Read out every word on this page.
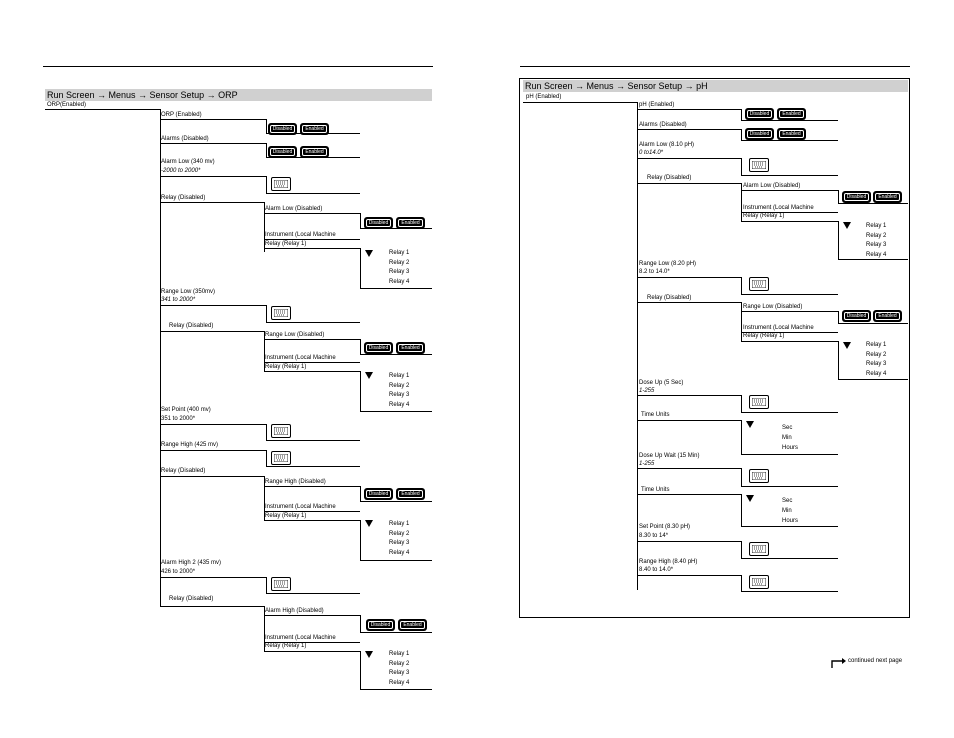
Run Screen → Menus → Sensor Setup → ORP
ORP(Enabled)
ORP (Enabled)
Disabled	Enabled
Alarms (Disabled)
Disabled	Enabled
Alarm Low (340 mv)
-2000 to 2000*
Relay (Disabled)
Alarm Low (Disabled)
Disabled	Enabled
Instrument (Local Machine
Relay (Relay 1)
Relay 1
Relay 2
Relay 3
Relay 4
Range Low (350mv)
341 to 2000*
Relay (Disabled)
Range Low (Disabled)
Disabled	Enabled
Instrument (Local Machine
Relay (Relay 1)
Relay 1
Relay 2
Relay 3
Relay 4
Set Point (400 mv)
351 to 2000*
Range High (425 mv)
Relay (Disabled)
Range High (Disabled)
Disabled	Enabled
Instrument (Local Machine
Relay (Relay 1)
Relay 1
Relay 2
Relay 3
Relay 4
Alarm High 2 (435 mv)
426 to 2000*
Relay (Disabled)
Alarm High (Disabled)
Disabled	Enabled
Instrument (Local Machine
Relay (Relay 1)
Relay 1
Relay 2
Relay 3
Relay 4
Run Screen → Menus → Sensor Setup → pH
pH (Enabled)
pH (Enabled)
Disabled	Enabled
Alarms (Disabled)
Disabled	Enabled
Alarm Low (8.10 pH)
0 to14.0*
Relay (Disabled)
Alarm Low (Disabled)
Disabled	Enabled
Instrument (Local Machine
Relay (Relay 1)
Relay 1
Relay 2
Relay 3
Relay 4
Range Low (8.20 pH)
8.2 to 14.0*
Relay (Disabled)
Range Low (Disabled)
Disabled	Enabled
Instrument (Local Machine
Relay (Relay 1)
Relay 1
Relay 2
Relay 3
Relay 4
Dose Up (5 Sec)
1-255
Time Units
Sec
Min
Hours
Dose Up Wait (15 Min)
1-255
Time Units
Sec
Min
Hours
Set Point (8.30 pH)
8.30 to 14*
Range High (8.40 pH)
8.40 to 14.0*
continued next page
